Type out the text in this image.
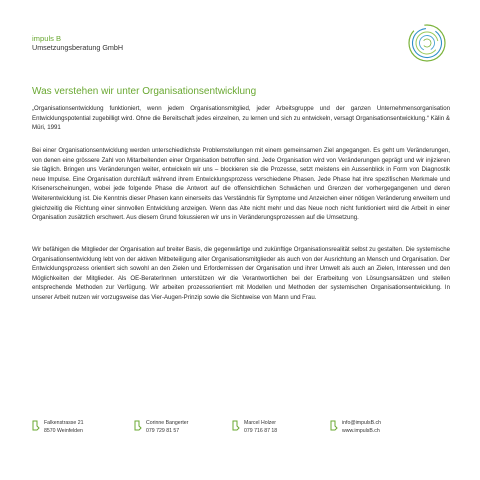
impuls B
Umsetzungsberatung GmbH
Was verstehen wir unter Organisationsentwicklung

„Organisationsentwicklung funktioniert, wenn jedem Organisationsmitglied, jeder Arbeitsgruppe und der ganzen Unternehmensorganisation Entwicklungspotential zugebilligt wird. Ohne die Bereitschaft jedes einzelnen, zu lernen und sich zu entwickeln, versagt Organisationsentwicklung.“ Kälin & Müri, 1991

Bei einer Organisationsentwicklung werden unterschiedlichste Problemstellungen mit einem gemeinsamen Ziel angegangen. Es geht um Veränderungen, von denen eine grössere Zahl von Mitarbeitenden einer Organisation betroffen sind. Jede Organisation wird von Veränderungen geprägt und wir injizieren sie täglich. Bringen uns Veränderungen weiter, entwickeln wir uns – blockieren sie die Prozesse, setzt meistens ein Aussenblick in Form von Diagnostik neue Impulse. Eine Organisation durchläuft während ihrem Entwicklungsprozess verschiedene Phasen. Jede Phase hat ihre spezifischen Merkmale und Krisenerscheinungen, wobei jede folgende Phase die Antwort auf die offensichtlichen Schwächen und Grenzen der vorhergegangenen und deren Weiterentwicklung ist. Die Kenntnis dieser Phasen kann einerseits das Verständnis für Symptome und Anzeichen einer nötigen Veränderung erweitern und gleichzeitig die Richtung einer sinnvollen Entwicklung anzeigen. Wenn das Alte nicht mehr und das Neue noch nicht funktioniert wird die Arbeit in einer Organisation zusätzlich erschwert. Aus diesem Grund fokussieren wir uns in Veränderungsprozessen auf die Umsetzung.

Wir befähigen die Mitglieder der Organisation auf breiter Basis, die gegenwärtige und zukünftige Organisationsrealität selbst zu gestalten. Die systemische Organisationsentwicklung lebt von der aktiven Mitbeteiligung aller Organisationsmitglieder als auch von der Ausrichtung an Mensch und Organisation. Der Entwicklungsprozess orientiert sich sowohl an den Zielen und Erfordernissen der Organisation und ihrer Umwelt als auch an Zielen, Interessen und den Möglichkeiten der Mitglieder. Als OE-BeraterInnen unterstützen wir die Verantwortlichen bei der Erarbeitung von Lösungsansätzen und stellen entsprechende Methoden zur Verfügung. Wir arbeiten prozessorientiert mit Modellen und Methoden der systemischen Organisationsentwicklung. In unserer Arbeit nutzen wir vorzugsweise das Vier-Augen-Prinzip sowie die Sichtweise von Mann und Frau.

Falkenstrasse 21
8570 Weinfelden
Corinne Bangerter
079 729 81 57
Marcel Holzer
079 716 87 18
info@impulsB.ch
www.impulsB.ch
